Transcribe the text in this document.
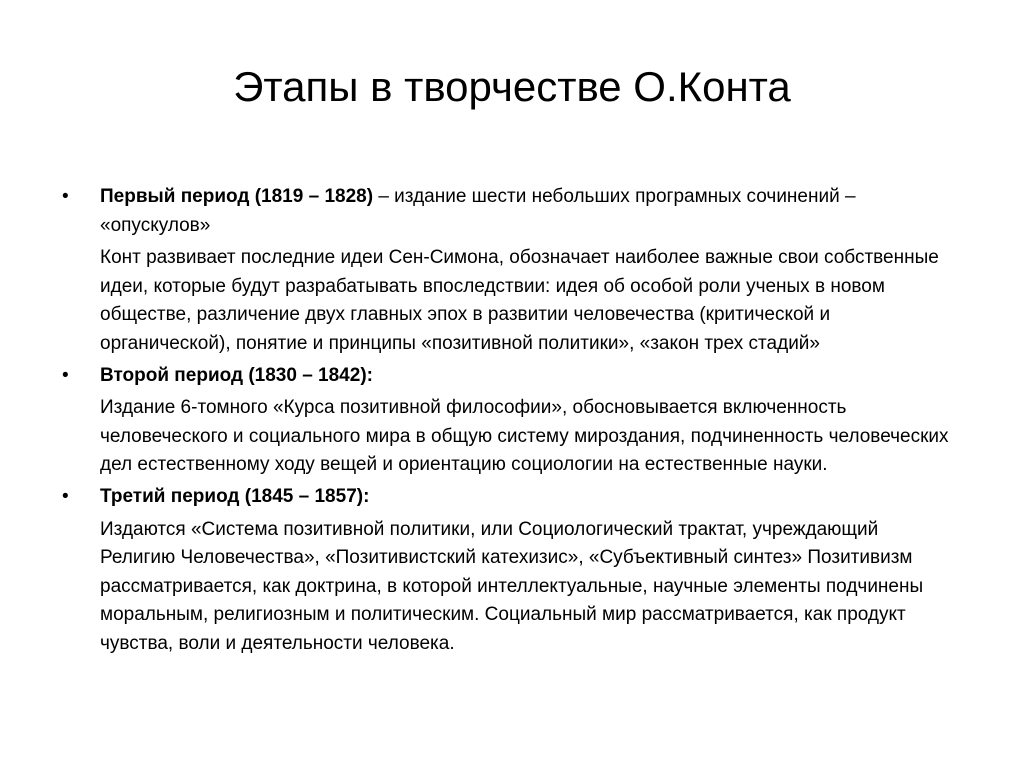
Этапы в творчестве О.Конта
• Первый период (1819 – 1828) – издание шести небольших програмных сочинений – «опускулов»

Конт развивает последние идеи Сен-Симона, обозначает наиболее важные свои собственные идеи, которые будут разрабатывать впоследствии: идея об особой роли ученых в новом обществе, различение двух главных эпох в развитии человечества (критической и органической), понятие и принципы «позитивной политики», «закон трех стадий»

• Второй период (1830 – 1842):

Издание 6-томного «Курса позитивной философии», обосновывается включенность человеческого и социального мира в общую систему мироздания, подчиненность человеческих дел естественному ходу вещей и ориентацию социологии на естественные науки.

• Третий период (1845 – 1857):

Издаются «Система позитивной политики, или Социологический трактат, учреждающий Религию Человечества», «Позитивистский катехизис», «Субъективный синтез» Позитивизм рассматривается, как доктрина, в которой интеллектуальные, научные элементы подчинены моральным, религиозным и политическим. Социальный мир рассматривается, как продукт чувства, воли и деятельности человека.
